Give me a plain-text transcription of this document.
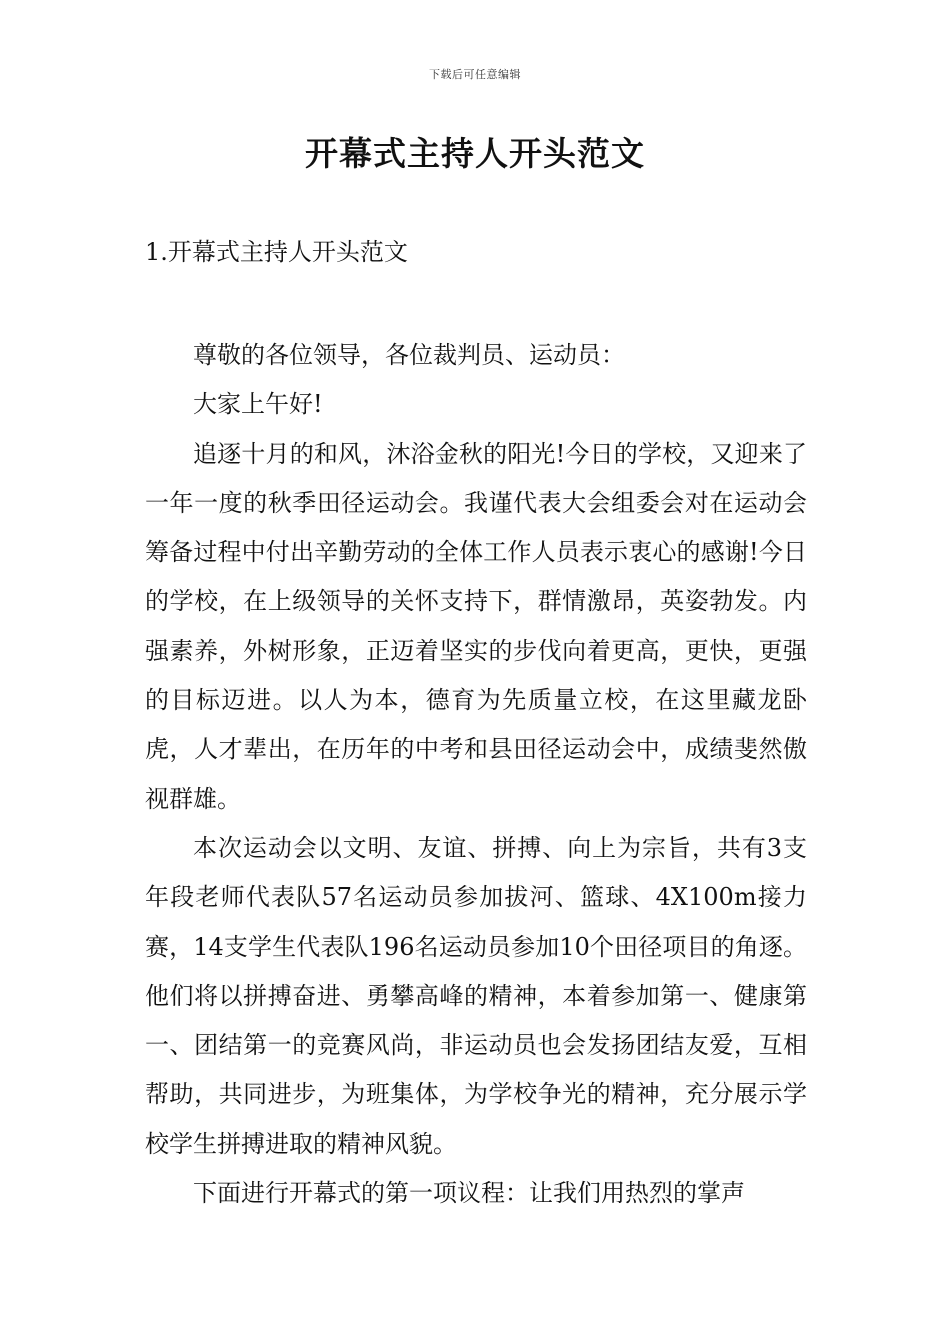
下载后可任意编辑
开幕式主持人开头范文
1.开幕式主持人开头范文

尊敬的各位领导，各位裁判员、运动员：

大家上午好!

追逐十月的和风，沐浴金秋的阳光!今日的学校，又迎来了一年一度的秋季田径运动会。我谨代表大会组委会对在运动会筹备过程中付出辛勤劳动的全体工作人员表示衷心的感谢!今日的学校，在上级领导的关怀支持下，群情激昂，英姿勃发。内强素养，外树形象，正迈着坚实的步伐向着更高，更快，更强的目标迈进。以人为本，德育为先质量立校，在这里藏龙卧虎，人才辈出，在历年的中考和县田径运动会中，成绩斐然傲视群雄。

本次运动会以文明、友谊、拼搏、向上为宗旨，共有3支年段老师代表队57名运动员参加拔河、篮球、4X100m接力赛，14支学生代表队196名运动员参加10个田径项目的角逐。他们将以拼搏奋进、勇攀高峰的精神，本着参加第一、健康第一、团结第一的竞赛风尚，非运动员也会发扬团结友爱，互相帮助，共同进步，为班集体，为学校争光的精神，充分展示学校学生拼搏进取的精神风貌。

下面进行开幕式的第一项议程：让我们用热烈的掌声
